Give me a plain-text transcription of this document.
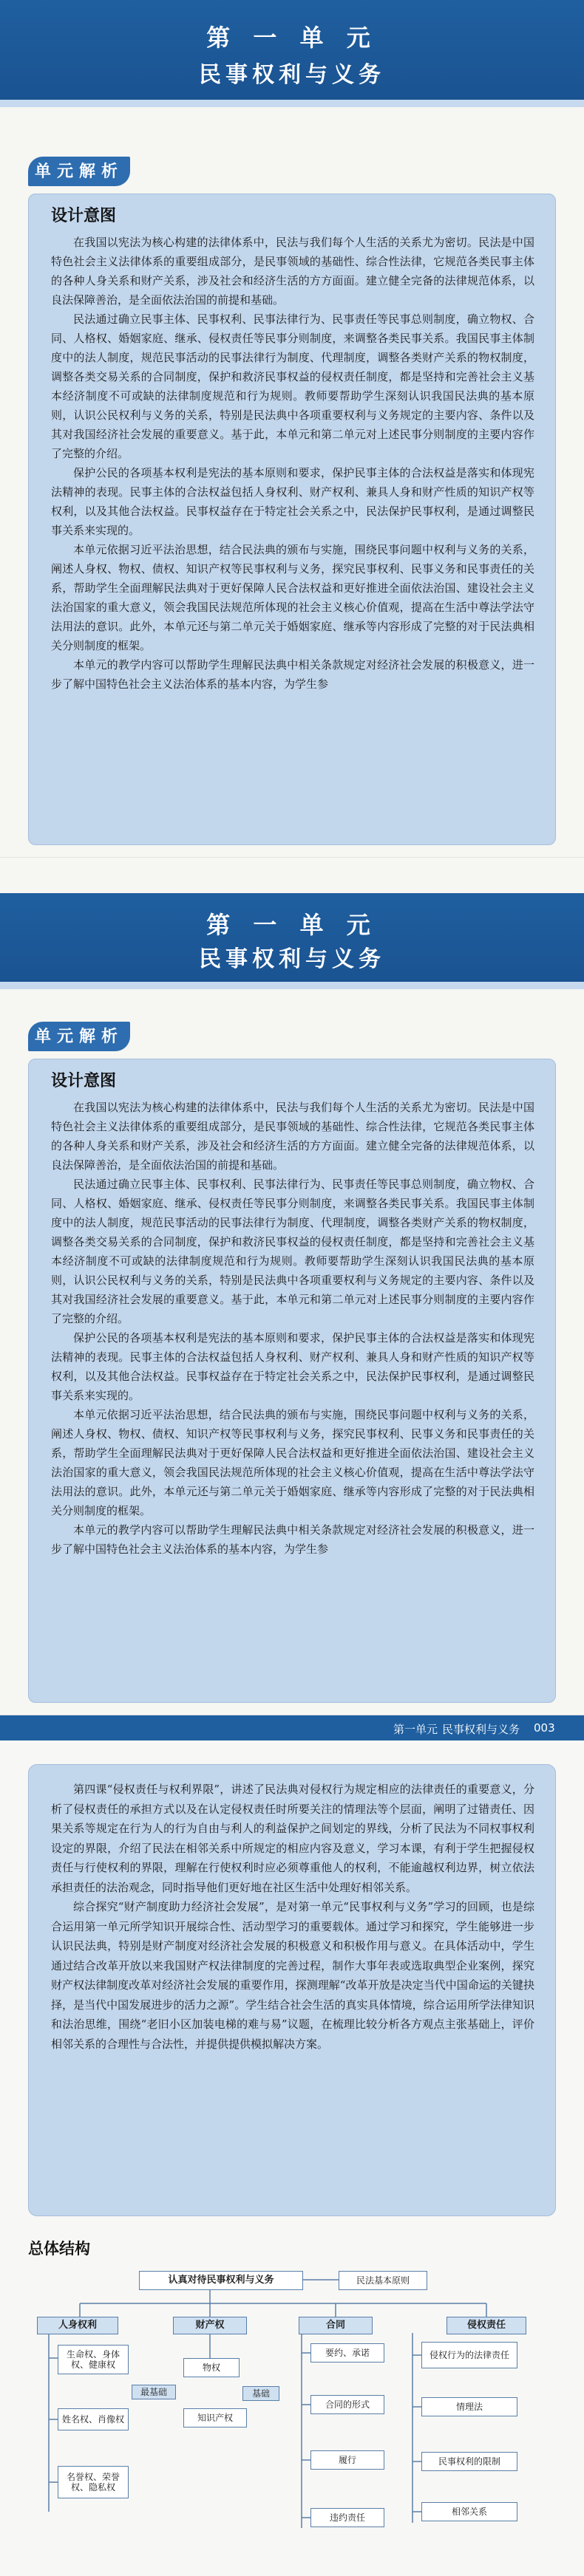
第 一 单 元
民事权利与义务
单元解析
设计意图

在我国以宪法为核心构建的法律体系中，民法与我们每个人生活的关系尤为密切。民法是中国特色社会主义法律体系的重要组成部分，是民事领域的基础性、综合性法律，它规范各类民事主体的各种人身关系和财产关系，涉及社会和经济生活的方方面面。建立健全完备的法律规范体系，以良法保障善治，是全面依法治国的前提和基础。

民法通过确立民事主体、民事权利、民事法律行为、民事责任等民事总则制度，确立物权、合同、人格权、婚姻家庭、继承、侵权责任等民事分则制度，来调整各类民事关系。我国民事主体制度中的法人制度，规范民事活动的民事法律行为制度、代理制度，调整各类财产关系的物权制度，调整各类交易关系的合同制度，保护和救济民事权益的侵权责任制度，都是坚持和完善社会主义基本经济制度不可或缺的法律制度规范和行为规则。教师要帮助学生深刻认识我国民法典的基本原则，认识公民权利与义务的关系，特别是民法典中各项重要权利与义务规定的主要内容、条件以及其对我国经济社会发展的重要意义。基于此，本单元和第二单元对上述民事分则制度的主要内容作了完整的介绍。

保护公民的各项基本权利是宪法的基本原则和要求，保护民事主体的合法权益是落实和体现宪法精神的表现。民事主体的合法权益包括人身权利、财产权利、兼具人身和财产性质的知识产权等权利，以及其他合法权益。民事权益存在于特定社会关系之中，民法保护民事权利，是通过调整民事关系来实现的。

本单元依据习近平法治思想，结合民法典的颁布与实施，围绕民事问题中权利与义务的关系，阐述人身权、物权、债权、知识产权等民事权利与义务，探究民事权利、民事义务和民事责任的关系，帮助学生全面理解民法典对于更好保障人民合法权益和更好推进全面依法治国、建设社会主义法治国家的重大意义，领会我国民法规范所体现的社会主义核心价值观，提高在生活中尊法学法守法用法的意识。此外，本单元还与第二单元关于婚姻家庭、继承等内容形成了完整的对于民法典相关分则制度的框架。

本单元的教学内容可以帮助学生理解民法典中相关条款规定对经济社会发展的积极意义，进一步了解中国特色社会主义法治体系的基本内容，为学生参

第 一 单 元
民事权利与义务
单元解析
设计意图

在我国以宪法为核心构建的法律体系中，民法与我们每个人生活的关系尤为密切。民法是中国特色社会主义法律体系的重要组成部分，是民事领域的基础性、综合性法律，它规范各类民事主体的各种人身关系和财产关系，涉及社会和经济生活的方方面面。建立健全完备的法律规范体系，以良法保障善治，是全面依法治国的前提和基础。

民法通过确立民事主体、民事权利、民事法律行为、民事责任等民事总则制度，确立物权、合同、人格权、婚姻家庭、继承、侵权责任等民事分则制度，来调整各类民事关系。我国民事主体制度中的法人制度，规范民事活动的民事法律行为制度、代理制度，调整各类财产关系的物权制度，调整各类交易关系的合同制度，保护和救济民事权益的侵权责任制度，都是坚持和完善社会主义基本经济制度不可或缺的法律制度规范和行为规则。教师要帮助学生深刻认识我国民法典的基本原则，认识公民权利与义务的关系，特别是民法典中各项重要权利与义务规定的主要内容、条件以及其对我国经济社会发展的重要意义。基于此，本单元和第二单元对上述民事分则制度的主要内容作了完整的介绍。

保护公民的各项基本权利是宪法的基本原则和要求，保护民事主体的合法权益是落实和体现宪法精神的表现。民事主体的合法权益包括人身权利、财产权利、兼具人身和财产性质的知识产权等权利，以及其他合法权益。民事权益存在于特定社会关系之中，民法保护民事权利，是通过调整民事关系来实现的。

本单元依据习近平法治思想，结合民法典的颁布与实施，围绕民事问题中权利与义务的关系，阐述人身权、物权、债权、知识产权等民事权利与义务，探究民事权利、民事义务和民事责任的关系，帮助学生全面理解民法典对于更好保障人民合法权益和更好推进全面依法治国、建设社会主义法治国家的重大意义，领会我国民法规范所体现的社会主义核心价值观，提高在生活中尊法学法守法用法的意识。此外，本单元还与第二单元关于婚姻家庭、继承等内容形成了完整的对于民法典相关分则制度的框架。

本单元的教学内容可以帮助学生理解民法典中相关条款规定对经济社会发展的积极意义，进一步了解中国特色社会主义法治体系的基本内容，为学生参

第一单元 民事权利与义务 003

第四课“侵权责任与权利界限”，讲述了民法典对侵权行为规定相应的法律责任的重要意义，分析了侵权责任的承担方式以及在认定侵权责任时所要关注的情理法等个层面，阐明了过错责任、因果关系等规定在行为人的行为自由与利人的利益保护之间划定的界线，分析了民法为不同权事权利设定的界限，介绍了民法在相邻关系中所规定的相应内容及意义，学习本课，有利于学生把握侵权责任与行使权利的界限，理解在行使权利时应必须尊重他人的权利，不能逾越权利边界，树立依法承担责任的法治观念，同时指导他们更好地在社区生活中处理好相邻关系。

综合探究“财产制度助力经济社会发展”，是对第一单元“民事权利与义务”学习的回顾，也是综合运用第一单元所学知识开展综合性、活动型学习的重要载体。通过学习和探究，学生能够进一步认识民法典，特别是财产制度对经济社会发展的积极意义和积极作用与意义。在具体活动中，学生通过结合改革开放以来我国财产权法律制度的完善过程，制作大事年表或选取典型企业案例，探究财产权法律制度改革对经济社会发展的重要作用，探测理解“改革开放是决定当代中国命运的关键抉择，是当代中国发展进步的活力之源”。学生结合社会生活的真实具体情境，综合运用所学法律知识和法治思维，围绕“老旧小区加装电梯的难与易”议题，在梳理比较分析各方观点主张基础上，评价相邻关系的合理性与合法性，并提供提供模拟解决方案。

总体结构
认真对待民事权利与义务	民法基本原则
人身权利	财产权	合同	侵权责任
生命权、身体权、健康权
姓名权、肖像权
名誉权、荣誉权、隐私权
最基础
物权
知识产权
基础
要约、承诺
合同的形式
履行
违约责任
侵权行为的法律责任
情理法
民事权利的限制
相邻关系
